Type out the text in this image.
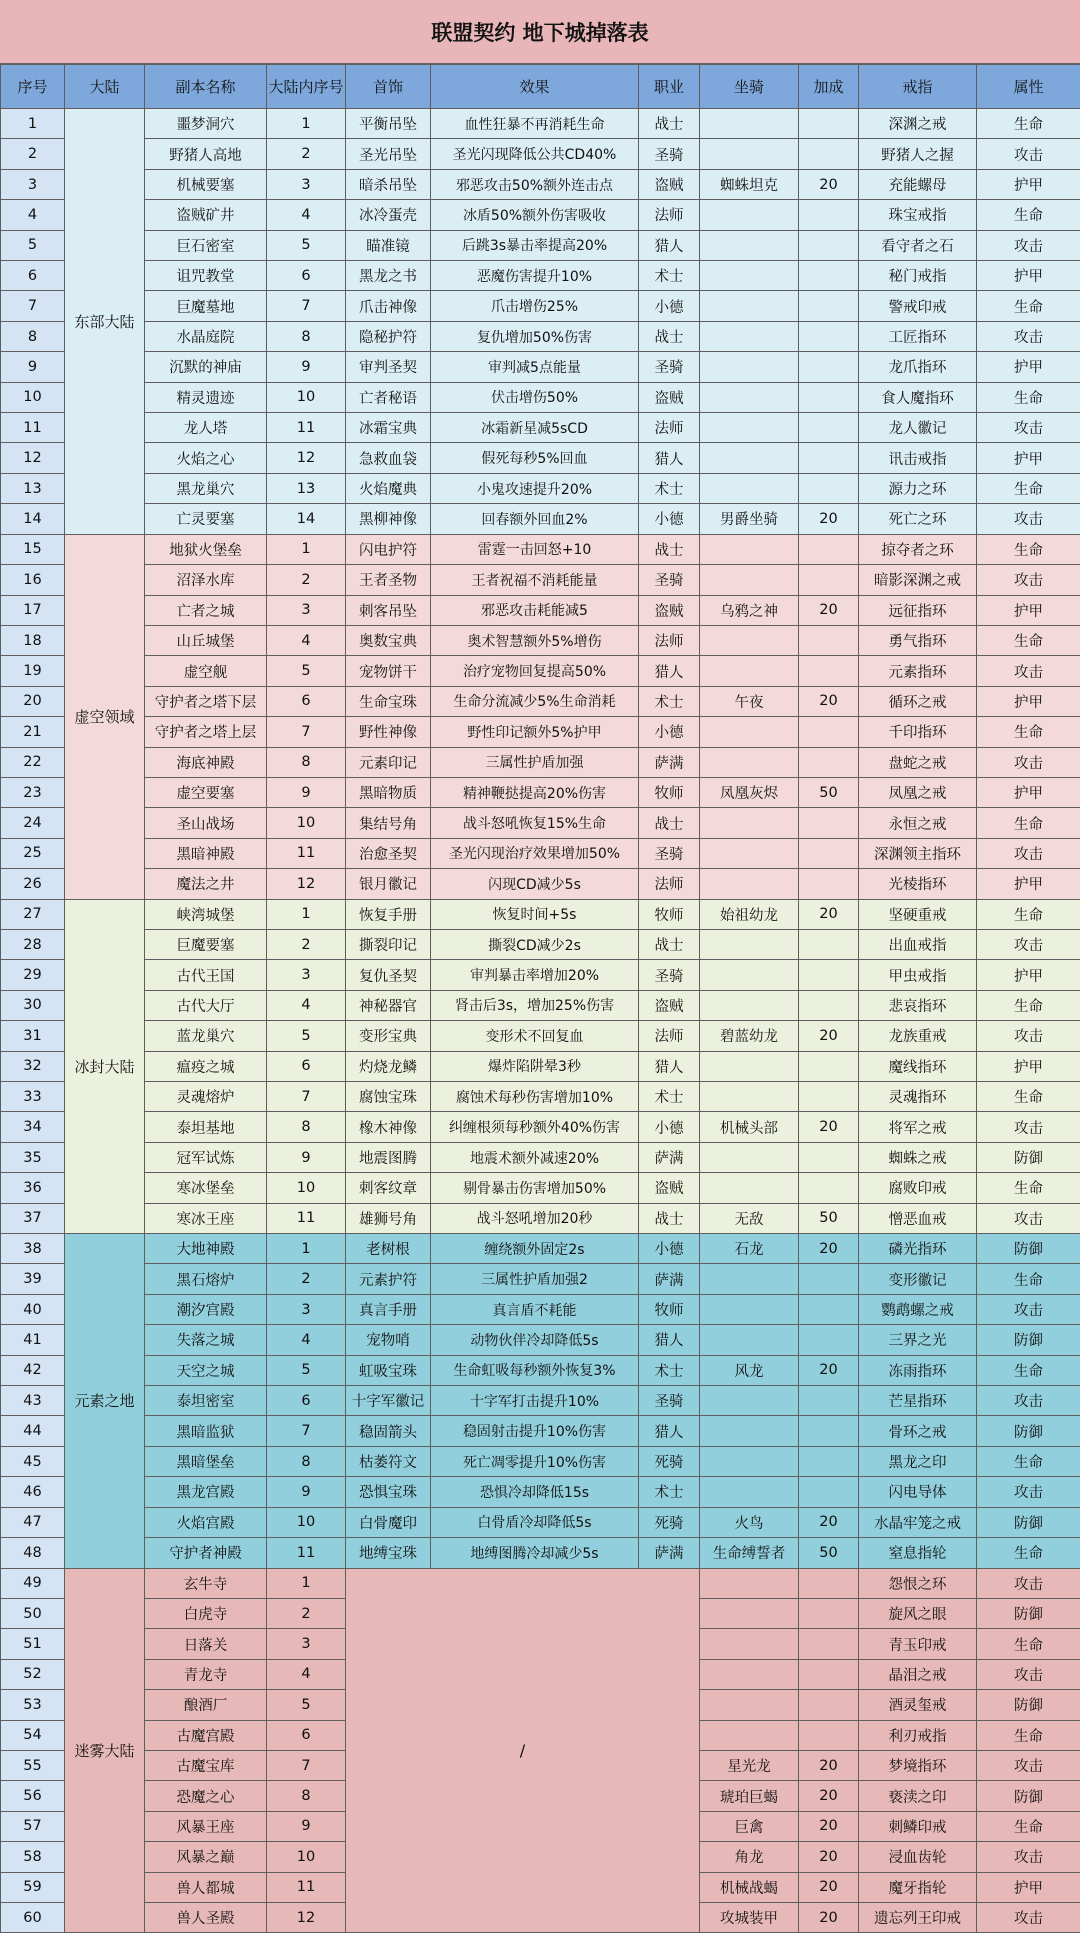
联盟契约 地下城掉落表
序号	大陆	副本名称	大陆内序号	首饰	效果	职业	坐骑	加成	戒指	属性
1	东部大陆	噩梦洞穴	1	平衡吊坠	血性狂暴不再消耗生命	战士			深渊之戒	生命
2		野猪人高地	2	圣光吊坠	圣光闪现降低公共CD40%	圣骑			野猪人之握	攻击
3		机械要塞	3	暗杀吊坠	邪恶攻击50%额外连击点	盗贼	蜘蛛坦克	20	充能螺母	护甲
4		盗贼矿井	4	冰冷蛋壳	冰盾50%额外伤害吸收	法师			珠宝戒指	生命
5		巨石密室	5	瞄准镜	后跳3s暴击率提高20%	猎人			看守者之石	攻击
6		诅咒教堂	6	黑龙之书	恶魔伤害提升10%	术士			秘门戒指	护甲
7		巨魔墓地	7	爪击神像	爪击增伤25%	小德			警戒印戒	生命
8		水晶庭院	8	隐秘护符	复仇增加50%伤害	战士			工匠指环	攻击
9		沉默的神庙	9	审判圣契	审判减5点能量	圣骑			龙爪指环	护甲
10		精灵遗迹	10	亡者秘语	伏击增伤50%	盗贼			食人魔指环	生命
11		龙人塔	11	冰霜宝典	冰霜新星减5sCD	法师			龙人徽记	攻击
12		火焰之心	12	急救血袋	假死每秒5%回血	猎人			讯击戒指	护甲
13		黑龙巢穴	13	火焰魔典	小鬼攻速提升20%	术士			源力之环	生命
14		亡灵要塞	14	黑柳神像	回春额外回血2%	小德	男爵坐骑	20	死亡之环	攻击
15	虚空领域	地狱火堡垒	1	闪电护符	雷霆一击回怒+10	战士			掠夺者之环	生命
16		沼泽水库	2	王者圣物	王者祝福不消耗能量	圣骑			暗影深渊之戒	攻击
17		亡者之城	3	刺客吊坠	邪恶攻击耗能减5	盗贼	乌鸦之神	20	远征指环	护甲
18		山丘城堡	4	奥数宝典	奥术智慧额外5%增伤	法师			勇气指环	生命
19		虚空舰	5	宠物饼干	治疗宠物回复提高50%	猎人			元素指环	攻击
20		守护者之塔下层	6	生命宝珠	生命分流减少5%生命消耗	术士	午夜	20	循环之戒	护甲
21		守护者之塔上层	7	野性神像	野性印记额外5%护甲	小德			千印指环	生命
22		海底神殿	8	元素印记	三属性护盾加强	萨满			盘蛇之戒	攻击
23		虚空要塞	9	黑暗物质	精神鞭挞提高20%伤害	牧师	凤凰灰烬	50	凤凰之戒	护甲
24		圣山战场	10	集结号角	战斗怒吼恢复15%生命	战士			永恒之戒	生命
25		黑暗神殿	11	治愈圣契	圣光闪现治疗效果增加50%	圣骑			深渊领主指环	攻击
26		魔法之井	12	银月徽记	闪现CD减少5s	法师			光棱指环	护甲
27	冰封大陆	峡湾城堡	1	恢复手册	恢复时间+5s	牧师	始祖幼龙	20	坚硬重戒	生命
28		巨魔要塞	2	撕裂印记	撕裂CD减少2s	战士			出血戒指	攻击
29		古代王国	3	复仇圣契	审判暴击率增加20%	圣骑			甲虫戒指	护甲
30		古代大厅	4	神秘器官	肾击后3s，增加25%伤害	盗贼			悲哀指环	生命
31		蓝龙巢穴	5	变形宝典	变形术不回复血	法师	碧蓝幼龙	20	龙族重戒	攻击
32		瘟疫之城	6	灼烧龙鳞	爆炸陷阱晕3秒	猎人			魔线指环	护甲
33		灵魂熔炉	7	腐蚀宝珠	腐蚀术每秒伤害增加10%	术士			灵魂指环	生命
34		泰坦基地	8	橡木神像	纠缠根须每秒额外40%伤害	小德	机械头部	20	将军之戒	攻击
35		冠军试炼	9	地震图腾	地震术额外减速20%	萨满			蜘蛛之戒	防御
36		寒冰堡垒	10	刺客纹章	剔骨暴击伤害增加50%	盗贼			腐败印戒	生命
37		寒冰王座	11	雄狮号角	战斗怒吼增加20秒	战士	无敌	50	憎恶血戒	攻击
38	元素之地	大地神殿	1	老树根	缠绕额外固定2s	小德	石龙	20	磷光指环	防御
39		黑石熔炉	2	元素护符	三属性护盾加强2	萨满			变形徽记	生命
40		潮汐宫殿	3	真言手册	真言盾不耗能	牧师			鹦鹉螺之戒	攻击
41		失落之城	4	宠物哨	动物伙伴冷却降低5s	猎人			三界之光	防御
42		天空之城	5	虹吸宝珠	生命虹吸每秒额外恢复3%	术士	风龙	20	冻雨指环	生命
43		泰坦密室	6	十字军徽记	十字军打击提升10%	圣骑			芒星指环	攻击
44		黑暗监狱	7	稳固箭头	稳固射击提升10%伤害	猎人			骨环之戒	防御
45		黑暗堡垒	8	枯萎符文	死亡凋零提升10%伤害	死骑			黑龙之印	生命
46		黑龙宫殿	9	恐惧宝珠	恐惧冷却降低15s	术士			闪电导体	攻击
47		火焰宫殿	10	白骨魔印	白骨盾冷却降低5s	死骑	火鸟	20	水晶牢笼之戒	防御
48		守护者神殿	11	地缚宝珠	地缚图腾冷却减少5s	萨满	生命缚誓者	50	窒息指轮	生命
49	迷雾大陆	玄牛寺	1	/					怨恨之环	攻击
50		白虎寺	2						旋风之眼	防御
51		日落关	3						青玉印戒	生命
52		青龙寺	4						晶泪之戒	攻击
53		酿酒厂	5						酒灵玺戒	防御
54		古魔宫殿	6						利刃戒指	生命
55		古魔宝库	7				星光龙	20	梦境指环	攻击
56		恐魔之心	8				琥珀巨蝎	20	亵渎之印	防御
57		风暴王座	9				巨禽	20	刺鳞印戒	生命
58		风暴之巅	10				角龙	20	浸血齿轮	攻击
59		兽人都城	11				机械战蝎	20	魔牙指轮	护甲
60		兽人圣殿	12				攻城装甲	20	遗忘列王印戒	攻击
